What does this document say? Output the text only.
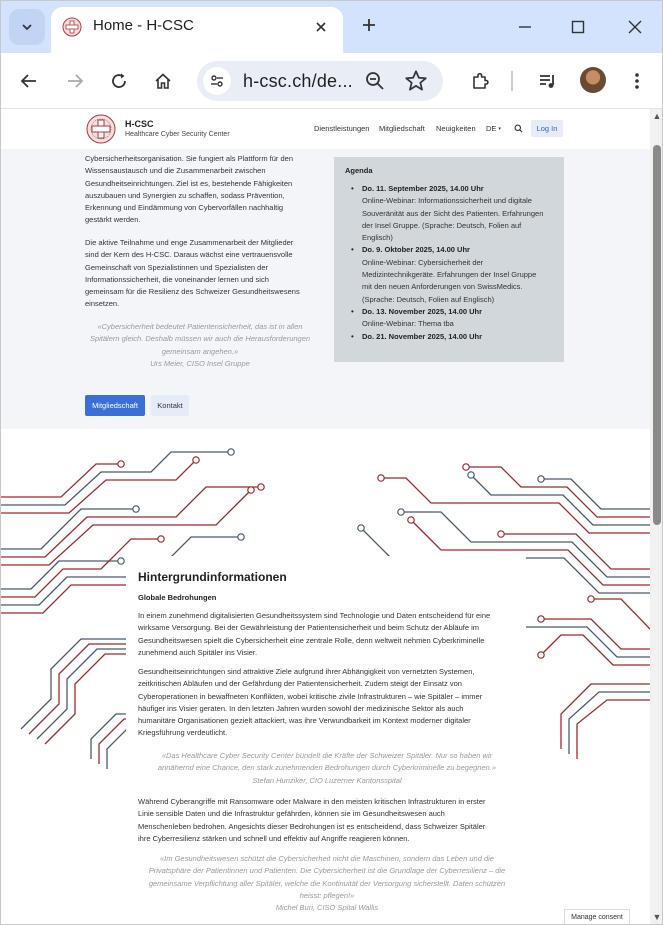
Home - H-CSC
h-csc.ch/de...
H-CSC
Healthcare Cyber Security Center
Dienstleistungen Mitgliedschaft Neuigkeiten DE ▾	Log In
Cybersicherheitsorganisation. Sie fungiert als Plattform für den
Wissensaustausch und die Zusammenarbeit zwischen
Gesundheitseinrichtungen. Ziel ist es, bestehende Fähigkeiten
auszubauen und Synergien zu schaffen, sodass Prävention,
Erkennung und Eindämmung von Cybervorfällen nachhaltig
gestärkt werden.
Die aktive Teilnahme und enge Zusammenarbeit der Mitglieder
sind der Kern des H-CSC. Daraus wächst eine vertrauensvolle
Gemeinschaft von Spezialistinnen und Spezialisten der
Informationssicherheit, die voneinander lernen und sich
gemeinsam für die Resilienz des Schweizer Gesundheitswesens
einsetzen.
«Cybersicherheit bedeutet Patientensicherheit, das ist in allen
Spitälern gleich. Deshalb müssen wir auch die Herausforderungen
gemeinsam angehen.»
Urs Meier, CISO Insel Gruppe
Agenda
• Do. 11. September 2025, 14.00 Uhr
Online-Webinar: Informationssicherheit und digitale
Souveränität aus der Sicht des Patienten. Erfahrungen
der Insel Gruppe. (Sprache: Deutsch, Folien auf
Englisch)
• Do. 9. Oktober 2025, 14.00 Uhr
Online-Webinar: Cybersicherheit der
Medizintechnikgeräte. Erfahrungen der Insel Gruppe
mit den neuen Anforderungen von SwissMedics.
(Sprache: Deutsch, Folien auf Englisch)
• Do. 13. November 2025, 14.00 Uhr
Online-Webinar: Thema tba
• Do. 21. November 2025, 14.00 Uhr
Mitgliedschaft	Kontakt
Hintergrundinformationen
Globale Bedrohungen
In einem zunehmend digitalisierten Gesundheitssystem sind Technologie und Daten entscheidend für eine
wirksame Versorgung. Bei der Gewährleistung der Patientensicherheit und beim Schutz der Abläufe im
Gesundheitswesen spielt die Cybersicherheit eine zentrale Rolle, denn weltweit nehmen Cyberkriminelle
zunehmend auch Spitäler ins Visier.
Gesundheitseinrichtungen sind attraktive Ziele aufgrund ihrer Abhängigkeit von vernetzten Systemen,
zeitkritischen Abläufen und der Gefährdung der Patientensicherheit. Zudem steigt der Einsatz von
Cyberoperationen in bewaffneten Konflikten, wobei kritische zivile Infrastrukturen – wie Spitäler – immer
häufiger ins Visier geraten. In den letzten Jahren wurden sowohl der medizinische Sektor als auch
humanitäre Organisationen gezielt attackiert, was ihre Verwundbarkeit im Kontext moderner digitaler
Kriegsführung verdeutlicht.
«Das Healthcare Cyber Security Center bündelt die Kräfte der Schweizer Spitäler. Nur so haben wir
annähernd eine Chance, den stark zunehmenden Bedrohungen durch Cyberkriminelle zu begegnen.»
Stefan Hunziker, CIO Luzerner Kantonsspital
Während Cyberangriffe mit Ransomware oder Malware in den meisten kritischen Infrastrukturen in erster
Linie sensible Daten und die Infrastruktur gefährden, können sie im Gesundheitswesen auch
Menschenleben bedrohen. Angesichts dieser Bedrohungen ist es entscheidend, dass Schweizer Spitäler
ihre Cyberresilienz stärken und schnell und effektiv auf Angriffe reagieren können.
«Im Gesundheitswesen schützt die Cybersicherheit nicht die Maschinen, sondern das Leben und die
Privatsphäre der Patientinnen und Patienten. Die Cybersicherheit ist die Grundlage der Cyberresilienz – die
gemeinsame Verpflichtung aller Spitäler, welche die Kontinuität der Versorgung sicherstellt. Daten schützen
heisst: pflegen!»
Michel Buri, CISO Spital Wallis
Manage consent
▲
▼
